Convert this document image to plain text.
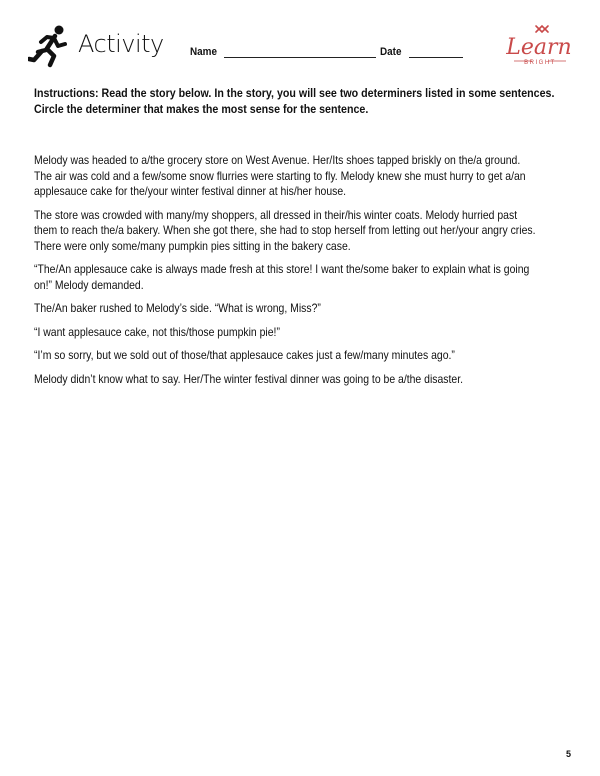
Activity Name	Date	Learn
BRIGHT

Instructions: Read the story below. In the story, you will see two determiners listed in some sentences.

Circle the determiner that makes the most sense for the sentence.

Melody was headed to a/the grocery store on West Avenue. Her/Its shoes tapped briskly on the/a ground.
The air was cold and a few/some snow flurries were starting to fly. Melody knew she must hurry to get a/an
applesauce cake for the/your winter festival dinner at his/her house.

The store was crowded with many/my shoppers, all dressed in their/his winter coats. Melody hurried past
them to reach the/a bakery. When she got there, she had to stop herself from letting out her/your angry cries.
There were only some/many pumpkin pies sitting in the bakery case.

“The/An applesauce cake is always made fresh at this store! I want the/some baker to explain what is going
on!” Melody demanded.

The/An baker rushed to Melody’s side. “What is wrong, Miss?”

“I want applesauce cake, not this/those pumpkin pie!”

“I’m so sorry, but we sold out of those/that applesauce cakes just a few/many minutes ago.”

Melody didn’t know what to say. Her/The winter festival dinner was going to be a/the disaster.

5
